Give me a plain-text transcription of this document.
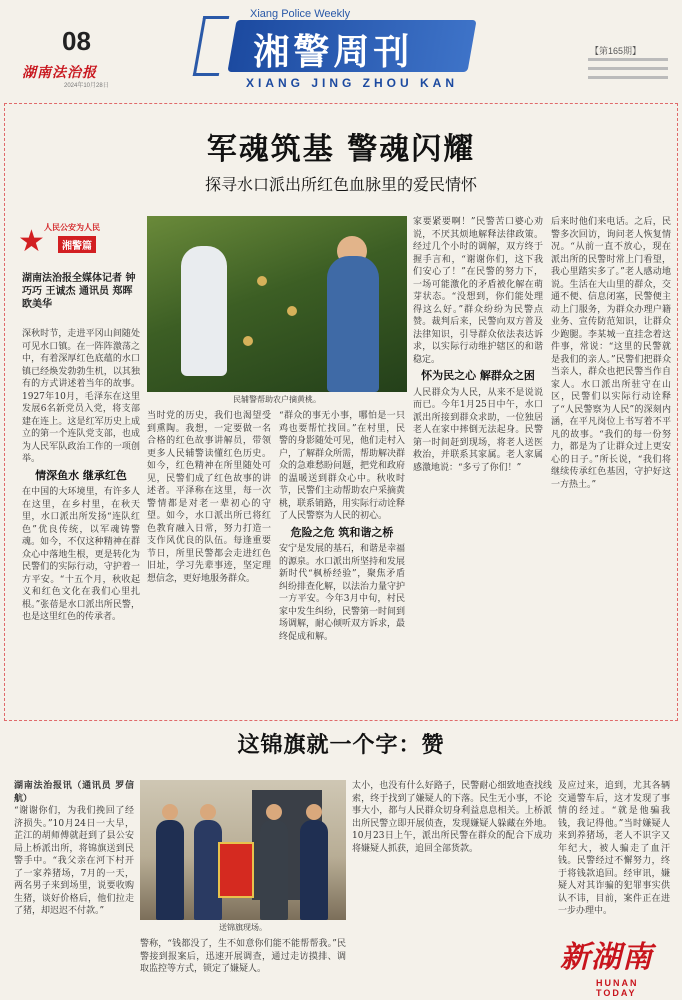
08
湖南法治报
2024年10月28日
Xiang Police Weekly
湘警周刊
XIANG JING ZHOU KAN
【第165期】
军魂筑基 警魂闪耀
探寻水口派出所红色血脉里的爱民情怀
★ 人民公安为人民
湘警篇
湖南法治报全媒体记者 钟巧巧 王诚杰 通讯员 郑晖 欧美华

深秋时节，走进平冈山间随处可见水口镇。在一阵阵激荡之中，有着深厚红色底蕴的水口镇已经焕发勃勃生机，以其独有的方式讲述着当年的故事。1927年10月，毛泽东在这里发展6名新党员入党，将支部建在连上。这是红军历史上成立的第一个连队党支部，也成为人民军队政治工作的一项创举。

情深鱼水 继承红色

在中国的大环境里，有许多人在这里，在乡村里，在秋天里，水口派出所发扬“连队红色”优良传统，以军魂铸警魂。如今，不仅这种精神在群众心中落地生根，更是转化为民警们的实际行动，守护着一方平安。“十五个月，秋收起义和红色文化在我们心里扎根。”张蓓是水口派出所民警，也是这里红色的传承者。

民辅警帮助农户摘黄桃。

当时党的历史，我们也渴望受到熏陶。我想，一定要做一名合格的红色故事讲解员，带领更多人民辅警读懂红色历史。如今，红色精神在所里随处可见，民警们成了红色故事的讲述者。平泽称在这里，每一次警情都是对老一辈初心的守望。如今，水口派出所已将红色教育融入日常，努力打造一支作风优良的队伍。每逢重要节日，所里民警都会走进红色旧址，学习先辈事迹，坚定理想信念，更好地服务群众。

“群众的事无小事，哪怕是一只鸡也要帮忙找回。”在村里，民警的身影随处可见，他们走村入户，了解群众所需，帮助解决群众的急难愁盼问题，把党和政府的温暖送到群众心中。秋收时节，民警们主动帮助农户采摘黄桃，联系销路，用实际行动诠释了人民警察为人民的初心。

危险之危 筑和谐之桥

安宁是发展的基石，和谐是幸福的源泉。水口派出所坚持和发展新时代“枫桥经验”，聚焦矛盾纠纷排查化解，以法治力量守护一方平安。今年3月中旬，村民家中发生纠纷，民警第一时间到场调解，耐心倾听双方诉求，最终促成和解。

家要紧要啊！”民警苦口婆心劝说，不厌其烦地解释法律政策。经过几个小时的调解，双方终于握手言和，“谢谢你们，这下我们安心了！”在民警的努力下，一场可能激化的矛盾被化解在萌芽状态。“没想到，你们能处理得这么好。”群众纷纷为民警点赞。裁判后来，民警向双方普及法律知识，引导群众依法表达诉求，以实际行动维护辖区的和谐稳定。

怀为民之心 解群众之困

人民群众为人民，从来不是说说而已。今年1月25日中午，水口派出所接到群众求助，一位独居老人在家中摔倒无法起身。民警第一时间赶到现场，将老人送医救治，并联系其家属。老人家属感激地说：“多亏了你们！”

后来时他们来电话。之后，民警多次回访，询问老人恢复情况。“从前一直不放心，现在派出所的民警时常上门看望，我心里踏实多了。”老人感动地说。生活在大山里的群众，交通不便、信息闭塞，民警便主动上门服务，为群众办理户籍业务、宣传防范知识，让群众少跑腿。李某城一直挂念着这件事，常说：“这里的民警就是我们的亲人。”民警们把群众当亲人，群众也把民警当作自家人。水口派出所驻守在山区，民警们以实际行动诠释了“人民警察为人民”的深刻内涵，在平凡岗位上书写着不平凡的故事。“我们的每一份努力，都是为了让群众过上更安心的日子。”所长说，“我们将继续传承红色基因，守护好这一方热土。”

这锦旗就一个字：赞
湖南法治报讯（通讯员 罗信航）

“谢谢你们，为我们挽回了经济损失。”10月24日一大早，芷江的胡师傅就赶到了县公安局上桥派出所，将锦旗送到民警手中。“我父亲在河下村开了一家养猪场，7月的一天，两名男子来到场里，说要收购生猪，谈好价格后，他们拉走了猪，却迟迟不付款。”

送锦旗现场。

警称，“钱都没了，生不如意你们能不能帮帮我。”民警接到报案后，迅速开展调查，通过走访摸排、调取监控等方式，锁定了嫌疑人。

太小，也没有什么好路子，民警耐心细致地查找线索，终于找到了嫌疑人的下落。民生无小事，不论事大小，都与人民群众切身利益息息相关。上桥派出所民警立即开展侦查，发现嫌疑人躲藏在外地。10月23日上午，派出所民警在群众的配合下成功将嫌疑人抓获，追回全部货款。

及应过来，追到，尤其各辆交通警车后，这才发现了事情的经过。“就是他骗我钱，我记得他。”当时嫌疑人来到养猪场，老人不识字又年纪大，被人骗走了血汗钱。民警经过不懈努力，终于将钱款追回。经审讯，嫌疑人对其诈骗的犯罪事实供认不讳，目前，案件正在进一步办理中。

新湖南
HUNAN TODAY
